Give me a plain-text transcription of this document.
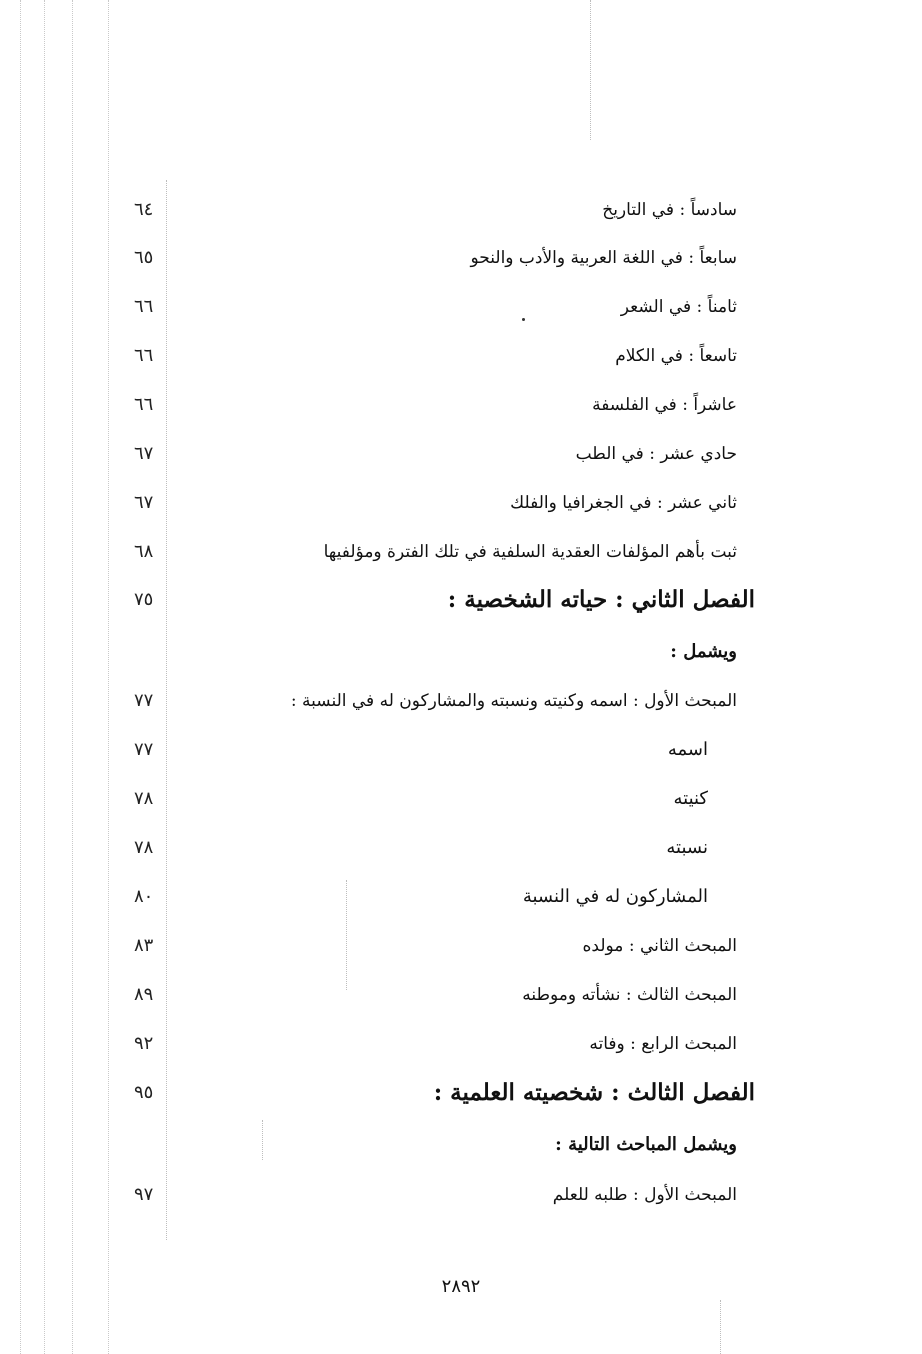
سادساً : في التاريخ
٦٤
سابعاً : في اللغة العربية والأدب والنحو
٦٥
ثامناً : في الشعر
٦٦
تاسعاً : في الكلام
٦٦
عاشراً : في الفلسفة
٦٦
حادي عشر : في الطب
٦٧
ثاني عشر : في الجغرافيا والفلك
٦٧
ثبت بأهم المؤلفات العقدية السلفية في تلك الفترة ومؤلفيها
٦٨
الفصل الثاني : حياته الشخصية :
٧٥
ويشمل :
المبحث الأول : اسمه وكنيته ونسبته والمشاركون له في النسبة :
٧٧
اسمه
٧٧
كنيته
٧٨
نسبته
٧٨
المشاركون له في النسبة
٨٠
المبحث الثاني : مولده
٨٣
المبحث الثالث : نشأته وموطنه
٨٩
المبحث الرابع : وفاته
٩٢
الفصل الثالث : شخصيته العلمية :
٩٥
ويشمل المباحث التالية :
المبحث الأول : طلبه للعلم
٩٧
٢٨٩٢
